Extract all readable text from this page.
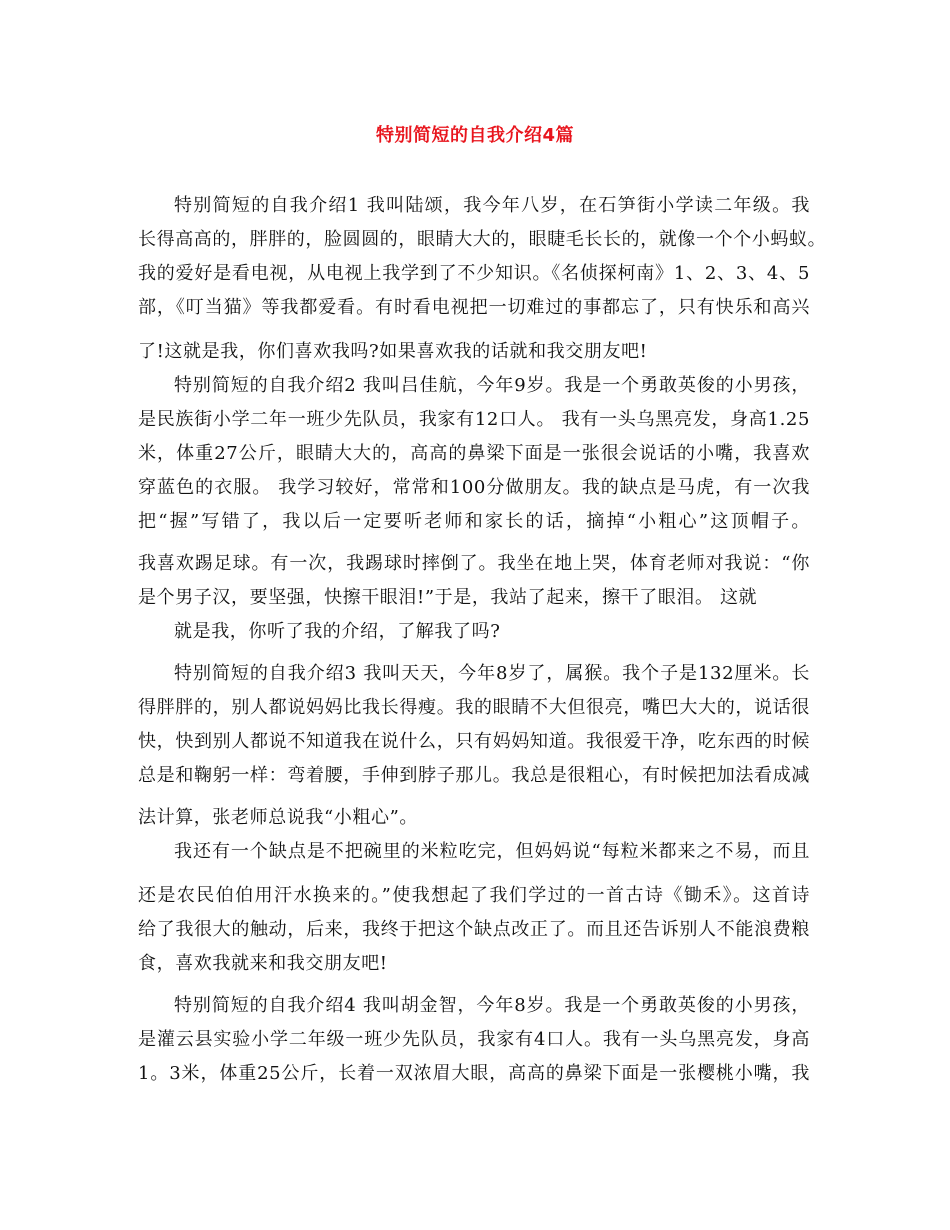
特别简短的自我介绍4篇
特别简短的自我介绍1 我叫陆颂，我今年八岁，在石笋街小学读二年级。我
长得高高的，胖胖的，脸圆圆的，眼睛大大的，眼睫毛长长的，就像一个个小蚂蚁。
我的爱好是看电视，从电视上我学到了不少知识。《名侦探柯南》1、2、3、4、5
部，《叮当猫》等我都爱看。有时看电视把一切难过的事都忘了，只有快乐和高兴
了!这就是我，你们喜欢我吗?如果喜欢我的话就和我交朋友吧!
特别简短的自我介绍2 我叫吕佳航，今年9岁。我是一个勇敢英俊的小男孩，
是民族街小学二年一班少先队员，我家有12口人。 我有一头乌黑亮发，身高1.25
米，体重27公斤，眼睛大大的，高高的鼻梁下面是一张很会说话的小嘴，我喜欢
穿蓝色的衣服。 我学习较好，常常和100分做朋友。我的缺点是马虎，有一次我
把“握”写错了，我以后一定要听老师和家长的话，摘掉“小粗心”这顶帽子。
我喜欢踢足球。有一次，我踢球时摔倒了。我坐在地上哭，体育老师对我说：“你
是个男子汉，要坚强，快擦干眼泪!”于是，我站了起来，擦干了眼泪。 这就
就是我，你听了我的介绍，了解我了吗?
特别简短的自我介绍3 我叫天天，今年8岁了，属猴。我个子是132厘米。长
得胖胖的，别人都说妈妈比我长得瘦。我的眼睛不大但很亮，嘴巴大大的，说话很
快，快到别人都说不知道我在说什么，只有妈妈知道。我很爱干净，吃东西的时候
总是和鞠躬一样：弯着腰，手伸到脖子那儿。我总是很粗心，有时候把加法看成减
法计算，张老师总说我“小粗心”。
我还有一个缺点是不把碗里的米粒吃完，但妈妈说“每粒米都来之不易，而且
还是农民伯伯用汗水换来的。”使我想起了我们学过的一首古诗《锄禾》。这首诗
给了我很大的触动，后来，我终于把这个缺点改正了。而且还告诉别人不能浪费粮
食，喜欢我就来和我交朋友吧!
特别简短的自我介绍4 我叫胡金智，今年8岁。我是一个勇敢英俊的小男孩，
是灌云县实验小学二年级一班少先队员，我家有4口人。我有一头乌黑亮发，身高
1。3米，体重25公斤，长着一双浓眉大眼，高高的鼻梁下面是一张樱桃小嘴，我
